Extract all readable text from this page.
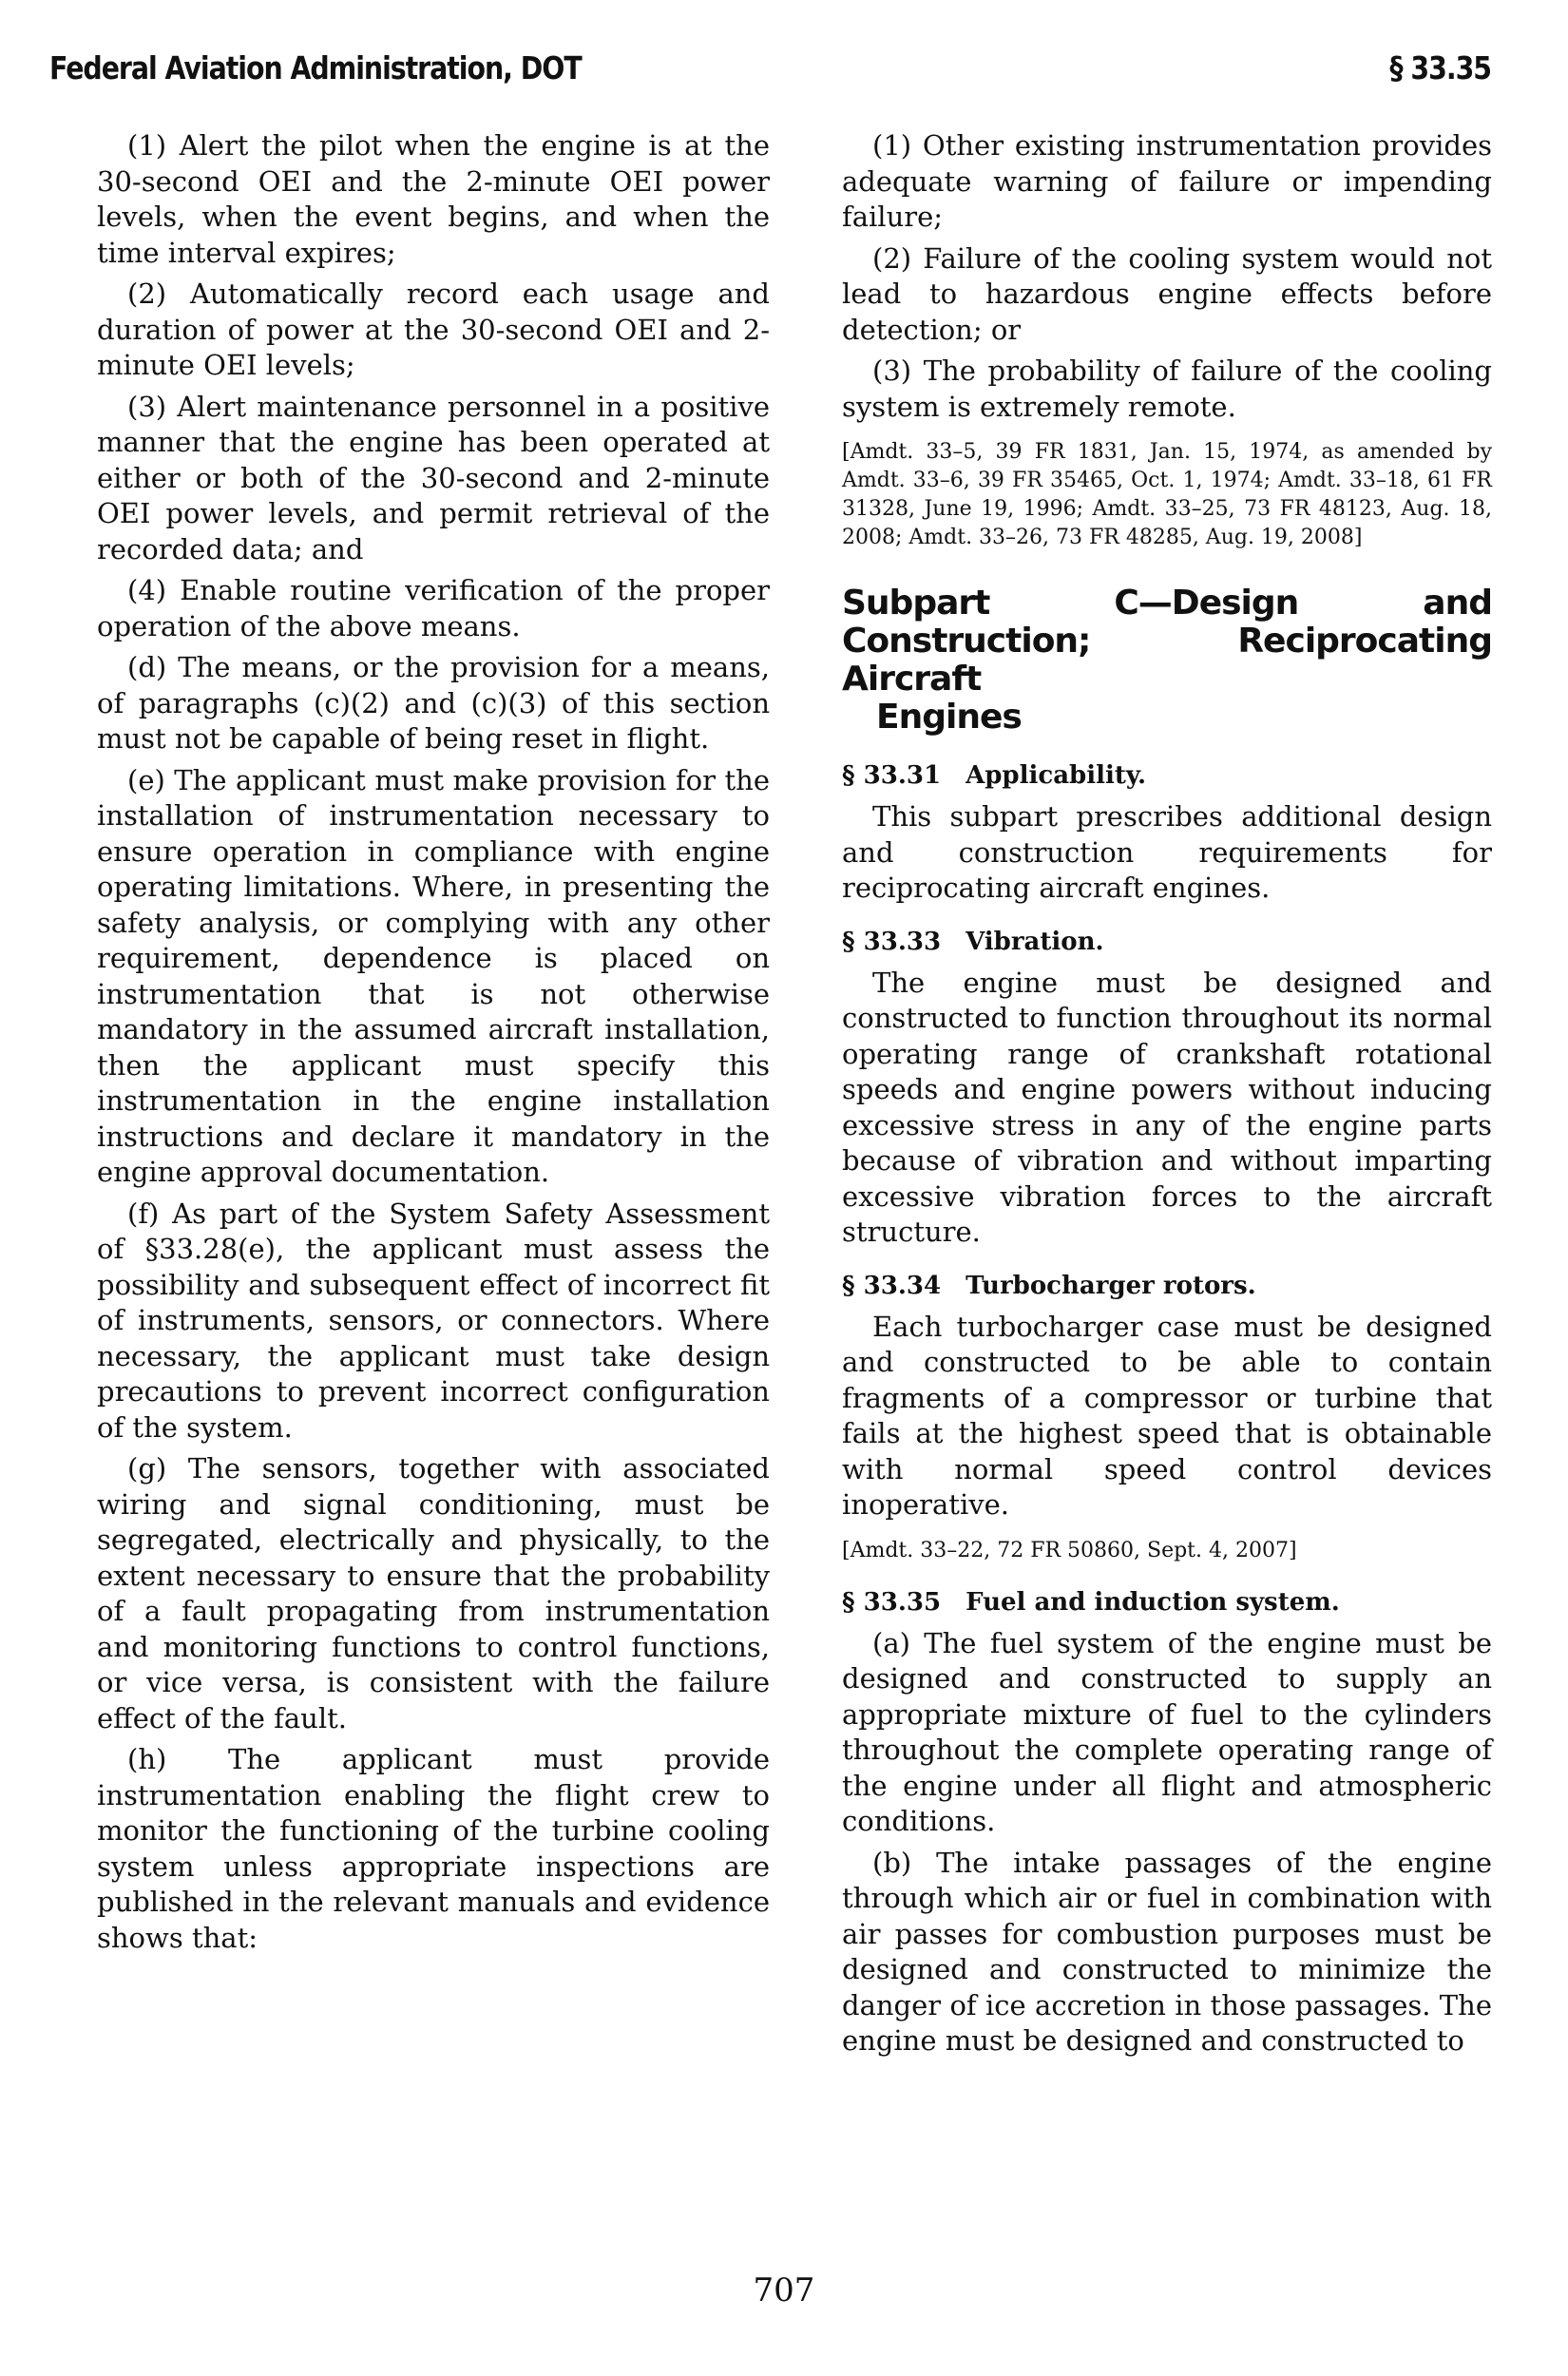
Federal Aviation Administration, DOT	§ 33.35

(1) Alert the pilot when the engine is at the 30-second OEI and the 2-minute OEI power levels, when the event begins, and when the time interval expires;

(2) Automatically record each usage and duration of power at the 30-second OEI and 2-minute OEI levels;

(3) Alert maintenance personnel in a positive manner that the engine has been operated at either or both of the 30-second and 2-minute OEI power levels, and permit retrieval of the recorded data; and

(4) Enable routine verification of the proper operation of the above means.

(d) The means, or the provision for a means, of paragraphs (c)(2) and (c)(3) of this section must not be capable of being reset in flight.

(e) The applicant must make provision for the installation of instrumentation necessary to ensure operation in compliance with engine operating limitations. Where, in presenting the safety analysis, or complying with any other requirement, dependence is placed on instrumentation that is not otherwise mandatory in the assumed aircraft installation, then the applicant must specify this instrumentation in the engine installation instructions and declare it mandatory in the engine approval documentation.

(f) As part of the System Safety Assessment of §33.28(e), the applicant must assess the possibility and subsequent effect of incorrect fit of instruments, sensors, or connectors. Where necessary, the applicant must take design precautions to prevent incorrect configuration of the system.

(g) The sensors, together with associated wiring and signal conditioning, must be segregated, electrically and physically, to the extent necessary to ensure that the probability of a fault propagating from instrumentation and monitoring functions to control functions, or vice versa, is consistent with the failure effect of the fault.

(h) The applicant must provide instrumentation enabling the flight crew to monitor the functioning of the turbine cooling system unless appropriate inspections are published in the relevant manuals and evidence shows that:

(1) Other existing instrumentation provides adequate warning of failure or impending failure;

(2) Failure of the cooling system would not lead to hazardous engine effects before detection; or

(3) The probability of failure of the cooling system is extremely remote.

[Amdt. 33–5, 39 FR 1831, Jan. 15, 1974, as amended by Amdt. 33–6, 39 FR 35465, Oct. 1, 1974; Amdt. 33–18, 61 FR 31328, June 19, 1996; Amdt. 33–25, 73 FR 48123, Aug. 18, 2008; Amdt. 33–26, 73 FR 48285, Aug. 19, 2008]

Subpart C—Design and Construction; Reciprocating Aircraft
Engines
§ 33.31 Applicability.

This subpart prescribes additional design and construction requirements for reciprocating aircraft engines.

§ 33.33 Vibration.

The engine must be designed and constructed to function throughout its normal operating range of crankshaft rotational speeds and engine powers without inducing excessive stress in any of the engine parts because of vibration and without imparting excessive vibration forces to the aircraft structure.

§ 33.34 Turbocharger rotors.

Each turbocharger case must be designed and constructed to be able to contain fragments of a compressor or turbine that fails at the highest speed that is obtainable with normal speed control devices inoperative.

[Amdt. 33–22, 72 FR 50860, Sept. 4, 2007]

§ 33.35 Fuel and induction system.

(a) The fuel system of the engine must be designed and constructed to supply an appropriate mixture of fuel to the cylinders throughout the complete operating range of the engine under all flight and atmospheric conditions.

(b) The intake passages of the engine through which air or fuel in combination with air passes for combustion purposes must be designed and constructed to minimize the danger of ice accretion in those passages. The engine must be designed and constructed to

707
